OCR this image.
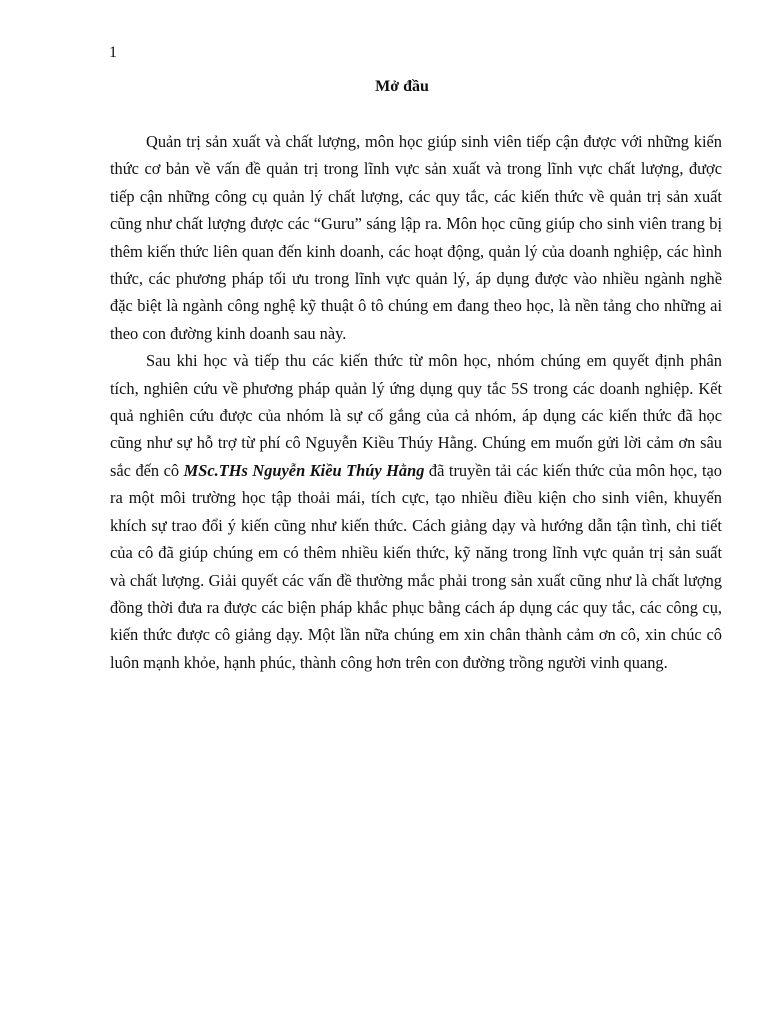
1
Mở đầu

Quản trị sản xuất và chất lượng, môn học giúp sinh viên tiếp cận được với những kiến thức cơ bản về vấn đề quản trị trong lĩnh vực sản xuất và trong lĩnh vực chất lượng, được tiếp cận những công cụ quản lý chất lượng, các quy tắc, các kiến thức về quản trị sản xuất cũng như chất lượng được các “Guru” sáng lập ra. Môn học cũng giúp cho sinh viên trang bị thêm kiến thức liên quan đến kinh doanh, các hoạt động, quản lý của doanh nghiệp, các hình thức, các phương pháp tối ưu trong lĩnh vực quản lý, áp dụng được vào nhiều ngành nghề đặc biệt là ngành công nghệ kỹ thuật ô tô chúng em đang theo học, là nền tảng cho những ai theo con đường kinh doanh sau này.

Sau khi học và tiếp thu các kiến thức từ môn học, nhóm chúng em quyết định phân tích, nghiên cứu về phương pháp quản lý ứng dụng quy tắc 5S trong các doanh nghiệp. Kết quả nghiên cứu được của nhóm là sự cố gắng của cả nhóm, áp dụng các kiến thức đã học cũng như sự hỗ trợ từ phí cô Nguyễn Kiều Thúy Hằng. Chúng em muốn gửi lời cảm ơn sâu sắc đến cô MSc.THs Nguyễn Kiều Thúy Hằng đã truyền tải các kiến thức của môn học, tạo ra một môi trường học tập thoải mái, tích cực, tạo nhiều điều kiện cho sinh viên, khuyến khích sự trao đổi ý kiến cũng như kiến thức. Cách giảng dạy và hướng dẫn tận tình, chi tiết của cô đã giúp chúng em có thêm nhiều kiến thức, kỹ năng trong lĩnh vực quản trị sản suất và chất lượng. Giải quyết các vấn đề thường mắc phải trong sản xuất cũng như là chất lượng đồng thời đưa ra được các biện pháp khắc phục bằng cách áp dụng các quy tắc, các công cụ, kiến thức được cô giảng dạy. Một lần nữa chúng em xin chân thành cảm ơn cô, xin chúc cô luôn mạnh khỏe, hạnh phúc, thành công hơn trên con đường trồng người vinh quang.
